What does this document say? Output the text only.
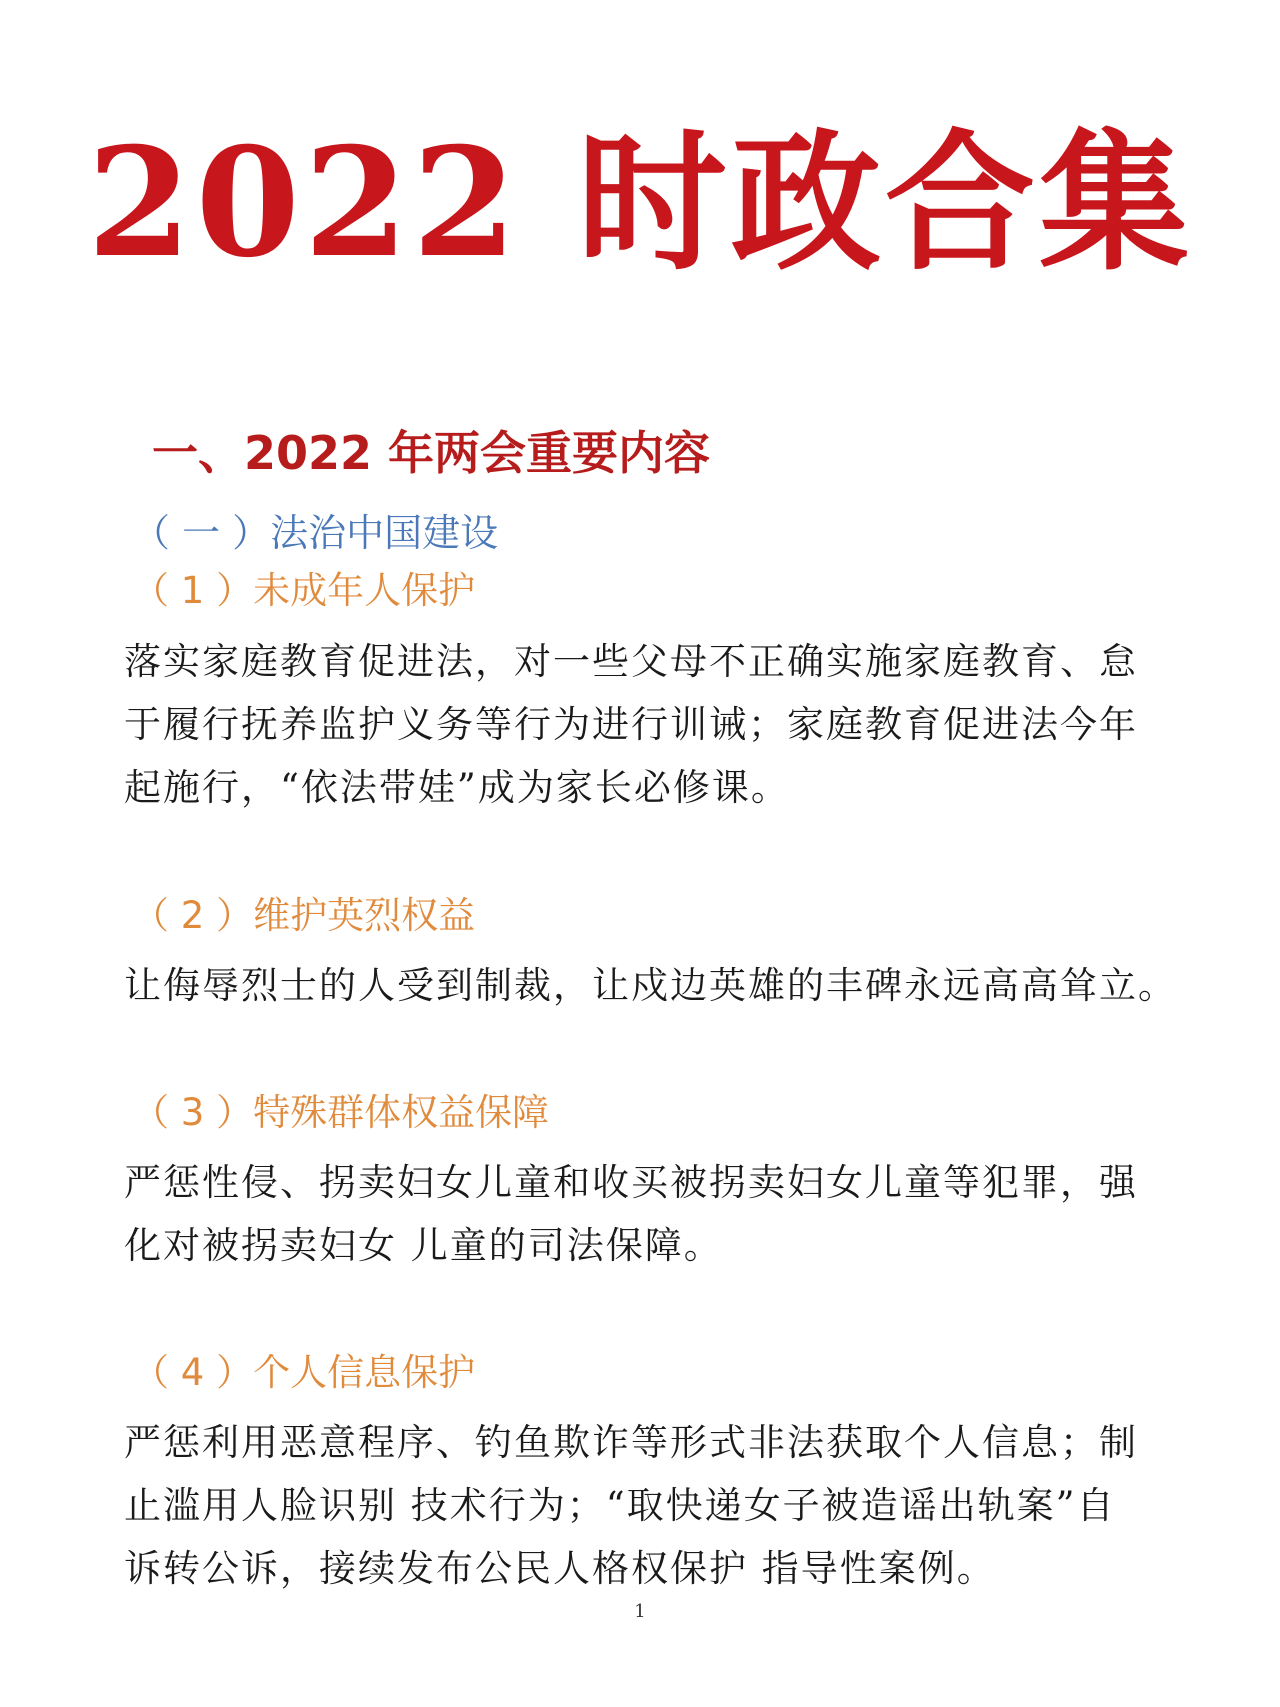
2022 时政合集
一、2022 年两会重要内容
（ 一 ）法治中国建设
（ 1 ）未成年人保护
落实家庭教育促进法，对一些父母不正确实施家庭教育、怠
于履行抚养监护义务等行为进行训诫；家庭教育促进法今年
起施行，“依法带娃”成为家长必修课。
（ 2 ）维护英烈权益
让侮辱烈士的人受到制裁，让戍边英雄的丰碑永远高高耸立。
（ 3 ）特殊群体权益保障
严惩性侵、拐卖妇女儿童和收买被拐卖妇女儿童等犯罪，强
化对被拐卖妇女 儿童的司法保障。
（ 4 ）个人信息保护
严惩利用恶意程序、钓鱼欺诈等形式非法获取个人信息；制
止滥用人脸识别 技术行为；“取快递女子被造谣出轨案”自
诉转公诉，接续发布公民人格权保护 指导性案例。
1
